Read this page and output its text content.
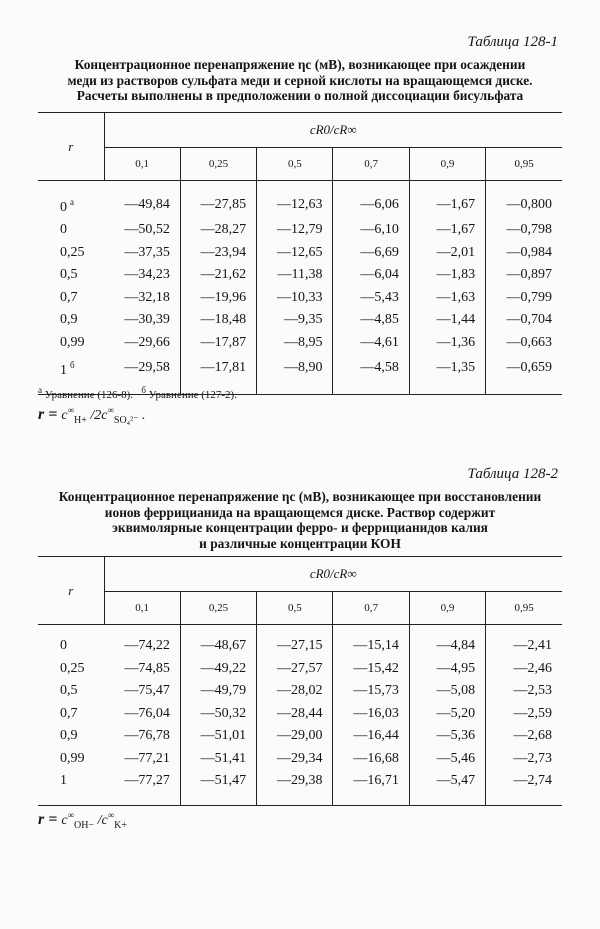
Таблица 128-1
Концентрационное перенапряжение ηс (мВ), возникающее при осаждении
меди из растворов сульфата меди и серной кислоты на вращающемся диске.
Расчеты выполнены в предположении о полной диссоциации бисульфата
r	cR0/cR∞					
	0,1	0,25	0,5	0,7	0,9	0,95

0 $^а$	—49,84	—27,85	—12,63	—6,06	—1,67	—0,800
0	—50,52	—28,27	—12,79	—6,10	—1,67	—0,798
0,25	—37,35	—23,94	—12,65	—6,69	—2,01	—0,984
0,5	—34,23	—21,62	—11,38	—6,04	—1,83	—0,897
0,7	—32,18	—19,96	—10,33	—5,43	—1,63	—0,799
0,9	—30,39	—18,48	—9,35	—4,85	—1,44	—0,704
0,99	—29,66	—17,87	—8,95	—4,61	—1,36	—0,663
1 $^б$	—29,58	—17,81	—8,90	—4,58	—1,35	—0,659

$^а$ Уравнение (126-8). $^б$ Уравнение (127-2).
$r = c^\infty_{H+}$ $/2c^\infty_{SO_4^{2-}}$ .
Таблица 128-2
Концентрационное перенапряжение ηс (мВ), возникающее при восстановлении
ионов феррицианида на вращающемся диске. Раствор содержит
эквимолярные концентрации ферро- и феррицианидов калия
и различные концентрации КОН
r	cR0/cR∞					
	0,1	0,25	0,5	0,7	0,9	0,95

0	—74,22	—48,67	—27,15	—15,14	—4,84	—2,41
0,25	—74,85	—49,22	—27,57	—15,42	—4,95	—2,46
0,5	—75,47	—49,79	—28,02	—15,73	—5,08	—2,53
0,7	—76,04	—50,32	—28,44	—16,03	—5,20	—2,59
0,9	—76,78	—51,01	—29,00	—16,44	—5,36	—2,68
0,99	—77,21	—51,41	—29,34	—16,68	—5,46	—2,73
1	—77,27	—51,47	—29,38	—16,71	—5,47	—2,74

$r = c^\infty_{OH-}$ $/c^\infty_{K+}$
